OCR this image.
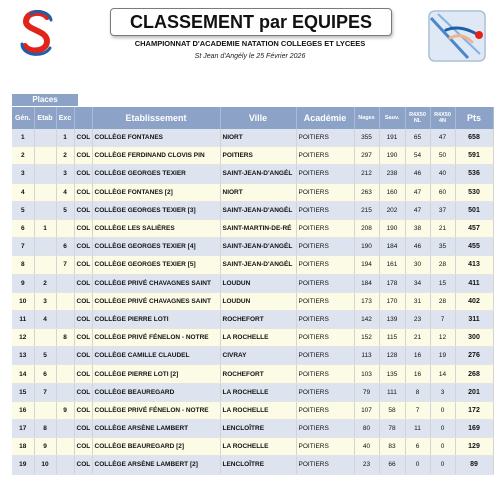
CLASSEMENT par EQUIPES
CHAMPIONNAT D'ACADEMIE NATATION COLLEGES ET LYCEES
St Jean d'Angély le 25 Février 2026
Places
Gén.	Etab	Exc		Etablissement	Ville	Académie	Nages	Sauv.	R4X50 NL	R4X50 4N	Pts
1		1	COL	COLLÈGE FONTANES	NIORT	POITIERS	355	191	65	47	658
2		2	COL	COLLÈGE FERDINAND CLOVIS PIN	POITIERS	POITIERS	297	190	54	50	591
3		3	COL	COLLÈGE GEORGES TEXIER	SAINT-JEAN-D'ANGÉL	POITIERS	212	238	46	40	536
4		4	COL	COLLÈGE FONTANES [2]	NIORT	POITIERS	263	160	47	60	530
5		5	COL	COLLÈGE GEORGES TEXIER [3]	SAINT-JEAN-D'ANGÉL	POITIERS	215	202	47	37	501
6	1		COL	COLLÈGE LES SALIÈRES	SAINT-MARTIN-DE-RÉ	POITIERS	208	190	38	21	457
7		6	COL	COLLÈGE GEORGES TEXIER [4]	SAINT-JEAN-D'ANGÉL	POITIERS	190	184	46	35	455
8		7	COL	COLLÈGE GEORGES TEXIER [5]	SAINT-JEAN-D'ANGÉL	POITIERS	194	161	30	28	413
9	2		COL	COLLÈGE PRIVÉ CHAVAGNES SAINT	LOUDUN	POITIERS	184	178	34	15	411
10	3		COL	COLLÈGE PRIVÉ CHAVAGNES SAINT	LOUDUN	POITIERS	173	170	31	28	402
11	4		COL	COLLÈGE PIERRE LOTI	ROCHEFORT	POITIERS	142	139	23	7	311
12		8	COL	COLLÈGE PRIVÉ FÉNELON - NOTRE	LA ROCHELLE	POITIERS	152	115	21	12	300
13	5		COL	COLLÈGE CAMILLE CLAUDEL	CIVRAY	POITIERS	113	128	16	19	276
14	6		COL	COLLÈGE PIERRE LOTI [2]	ROCHEFORT	POITIERS	103	135	16	14	268
15	7		COL	COLLÈGE BEAUREGARD	LA ROCHELLE	POITIERS	79	111	8	3	201
16		9	COL	COLLÈGE PRIVÉ FÉNELON - NOTRE	LA ROCHELLE	POITIERS	107	58	7	0	172
17	8		COL	COLLÈGE ARSÈNE LAMBERT	LENCLOÎTRE	POITIERS	80	78	11	0	169
18	9		COL	COLLÈGE BEAUREGARD [2]	LA ROCHELLE	POITIERS	40	83	6	0	129
19	10		COL	COLLÈGE ARSÈNE LAMBERT [2]	LENCLOÎTRE	POITIERS	23	66	0	0	89
